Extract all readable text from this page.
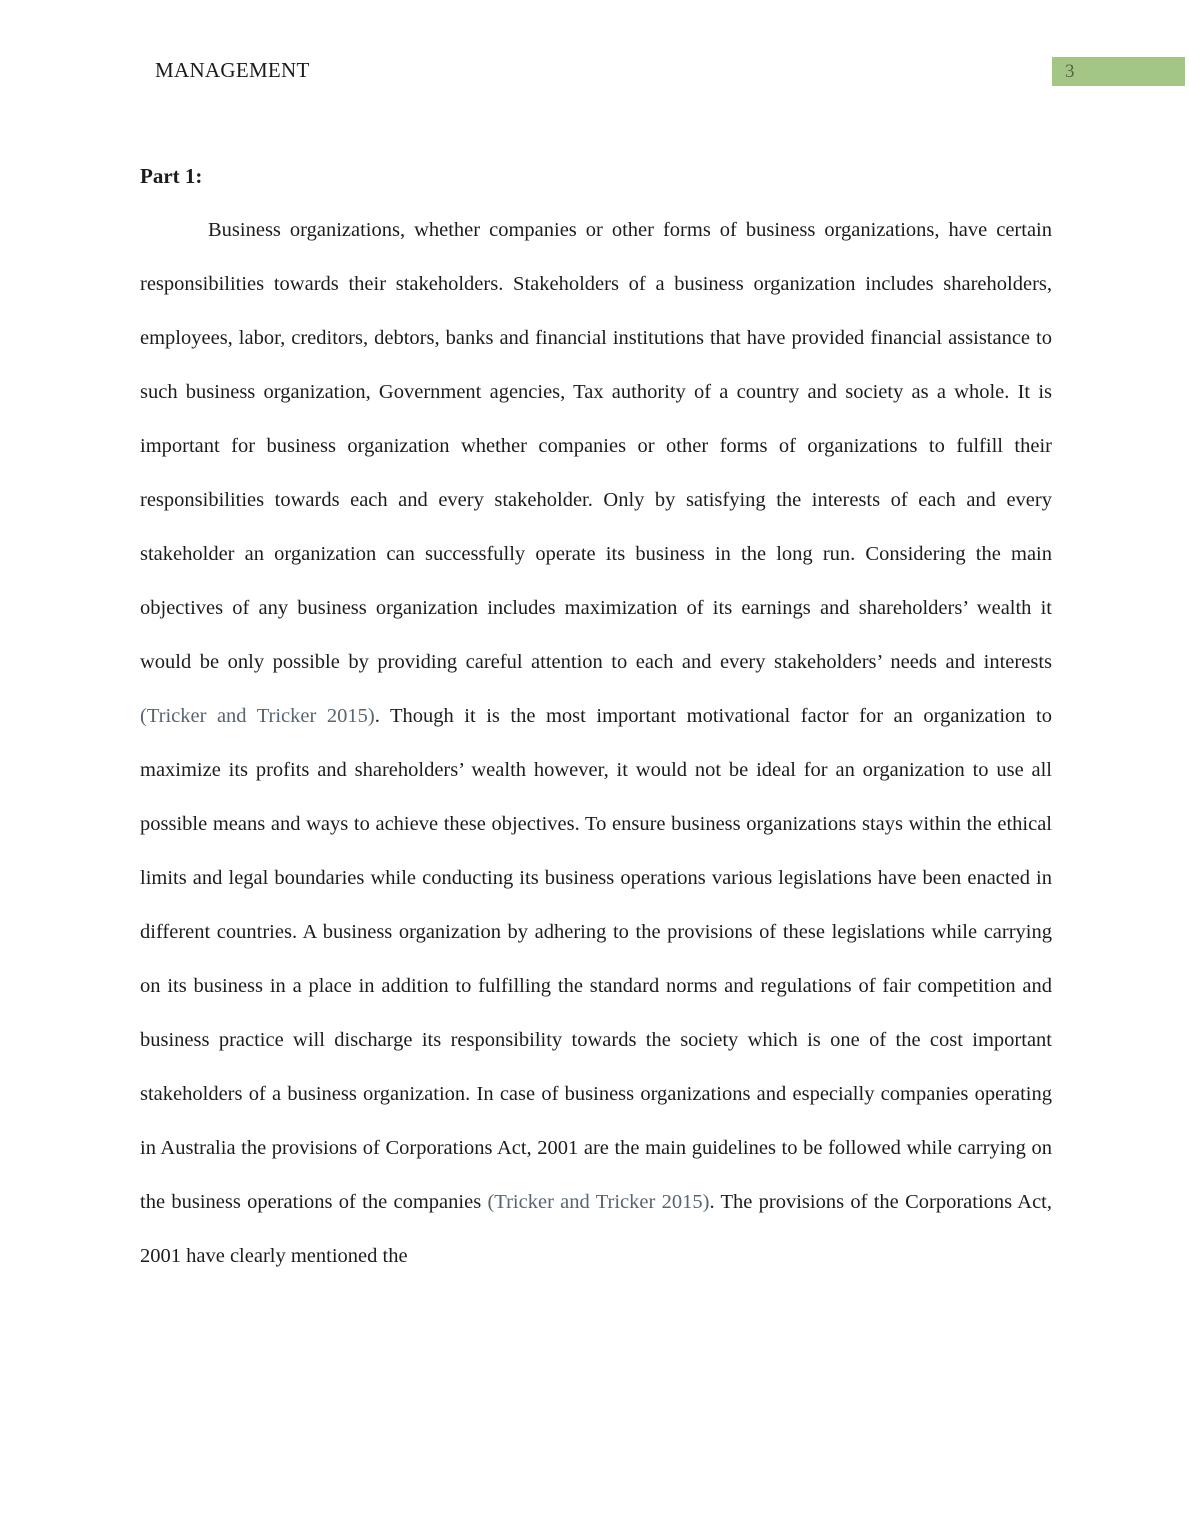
MANAGEMENT	3
Part 1:

Business organizations, whether companies or other forms of business organizations, have certain responsibilities towards their stakeholders. Stakeholders of a business organization includes shareholders, employees, labor, creditors, debtors, banks and financial institutions that have provided financial assistance to such business organization, Government agencies, Tax authority of a country and society as a whole. It is important for business organization whether companies or other forms of organizations to fulfill their responsibilities towards each and every stakeholder. Only by satisfying the interests of each and every stakeholder an organization can successfully operate its business in the long run. Considering the main objectives of any business organization includes maximization of its earnings and shareholders’ wealth it would be only possible by providing careful attention to each and every stakeholders’ needs and interests (Tricker and Tricker 2015). Though it is the most important motivational factor for an organization to maximize its profits and shareholders’ wealth however, it would not be ideal for an organization to use all possible means and ways to achieve these objectives. To ensure business organizations stays within the ethical limits and legal boundaries while conducting its business operations various legislations have been enacted in different countries. A business organization by adhering to the provisions of these legislations while carrying on its business in a place in addition to fulfilling the standard norms and regulations of fair competition and business practice will discharge its responsibility towards the society which is one of the cost important stakeholders of a business organization. In case of business organizations and especially companies operating in Australia the provisions of Corporations Act, 2001 are the main guidelines to be followed while carrying on the business operations of the companies (Tricker and Tricker 2015). The provisions of the Corporations Act, 2001 have clearly mentioned the
